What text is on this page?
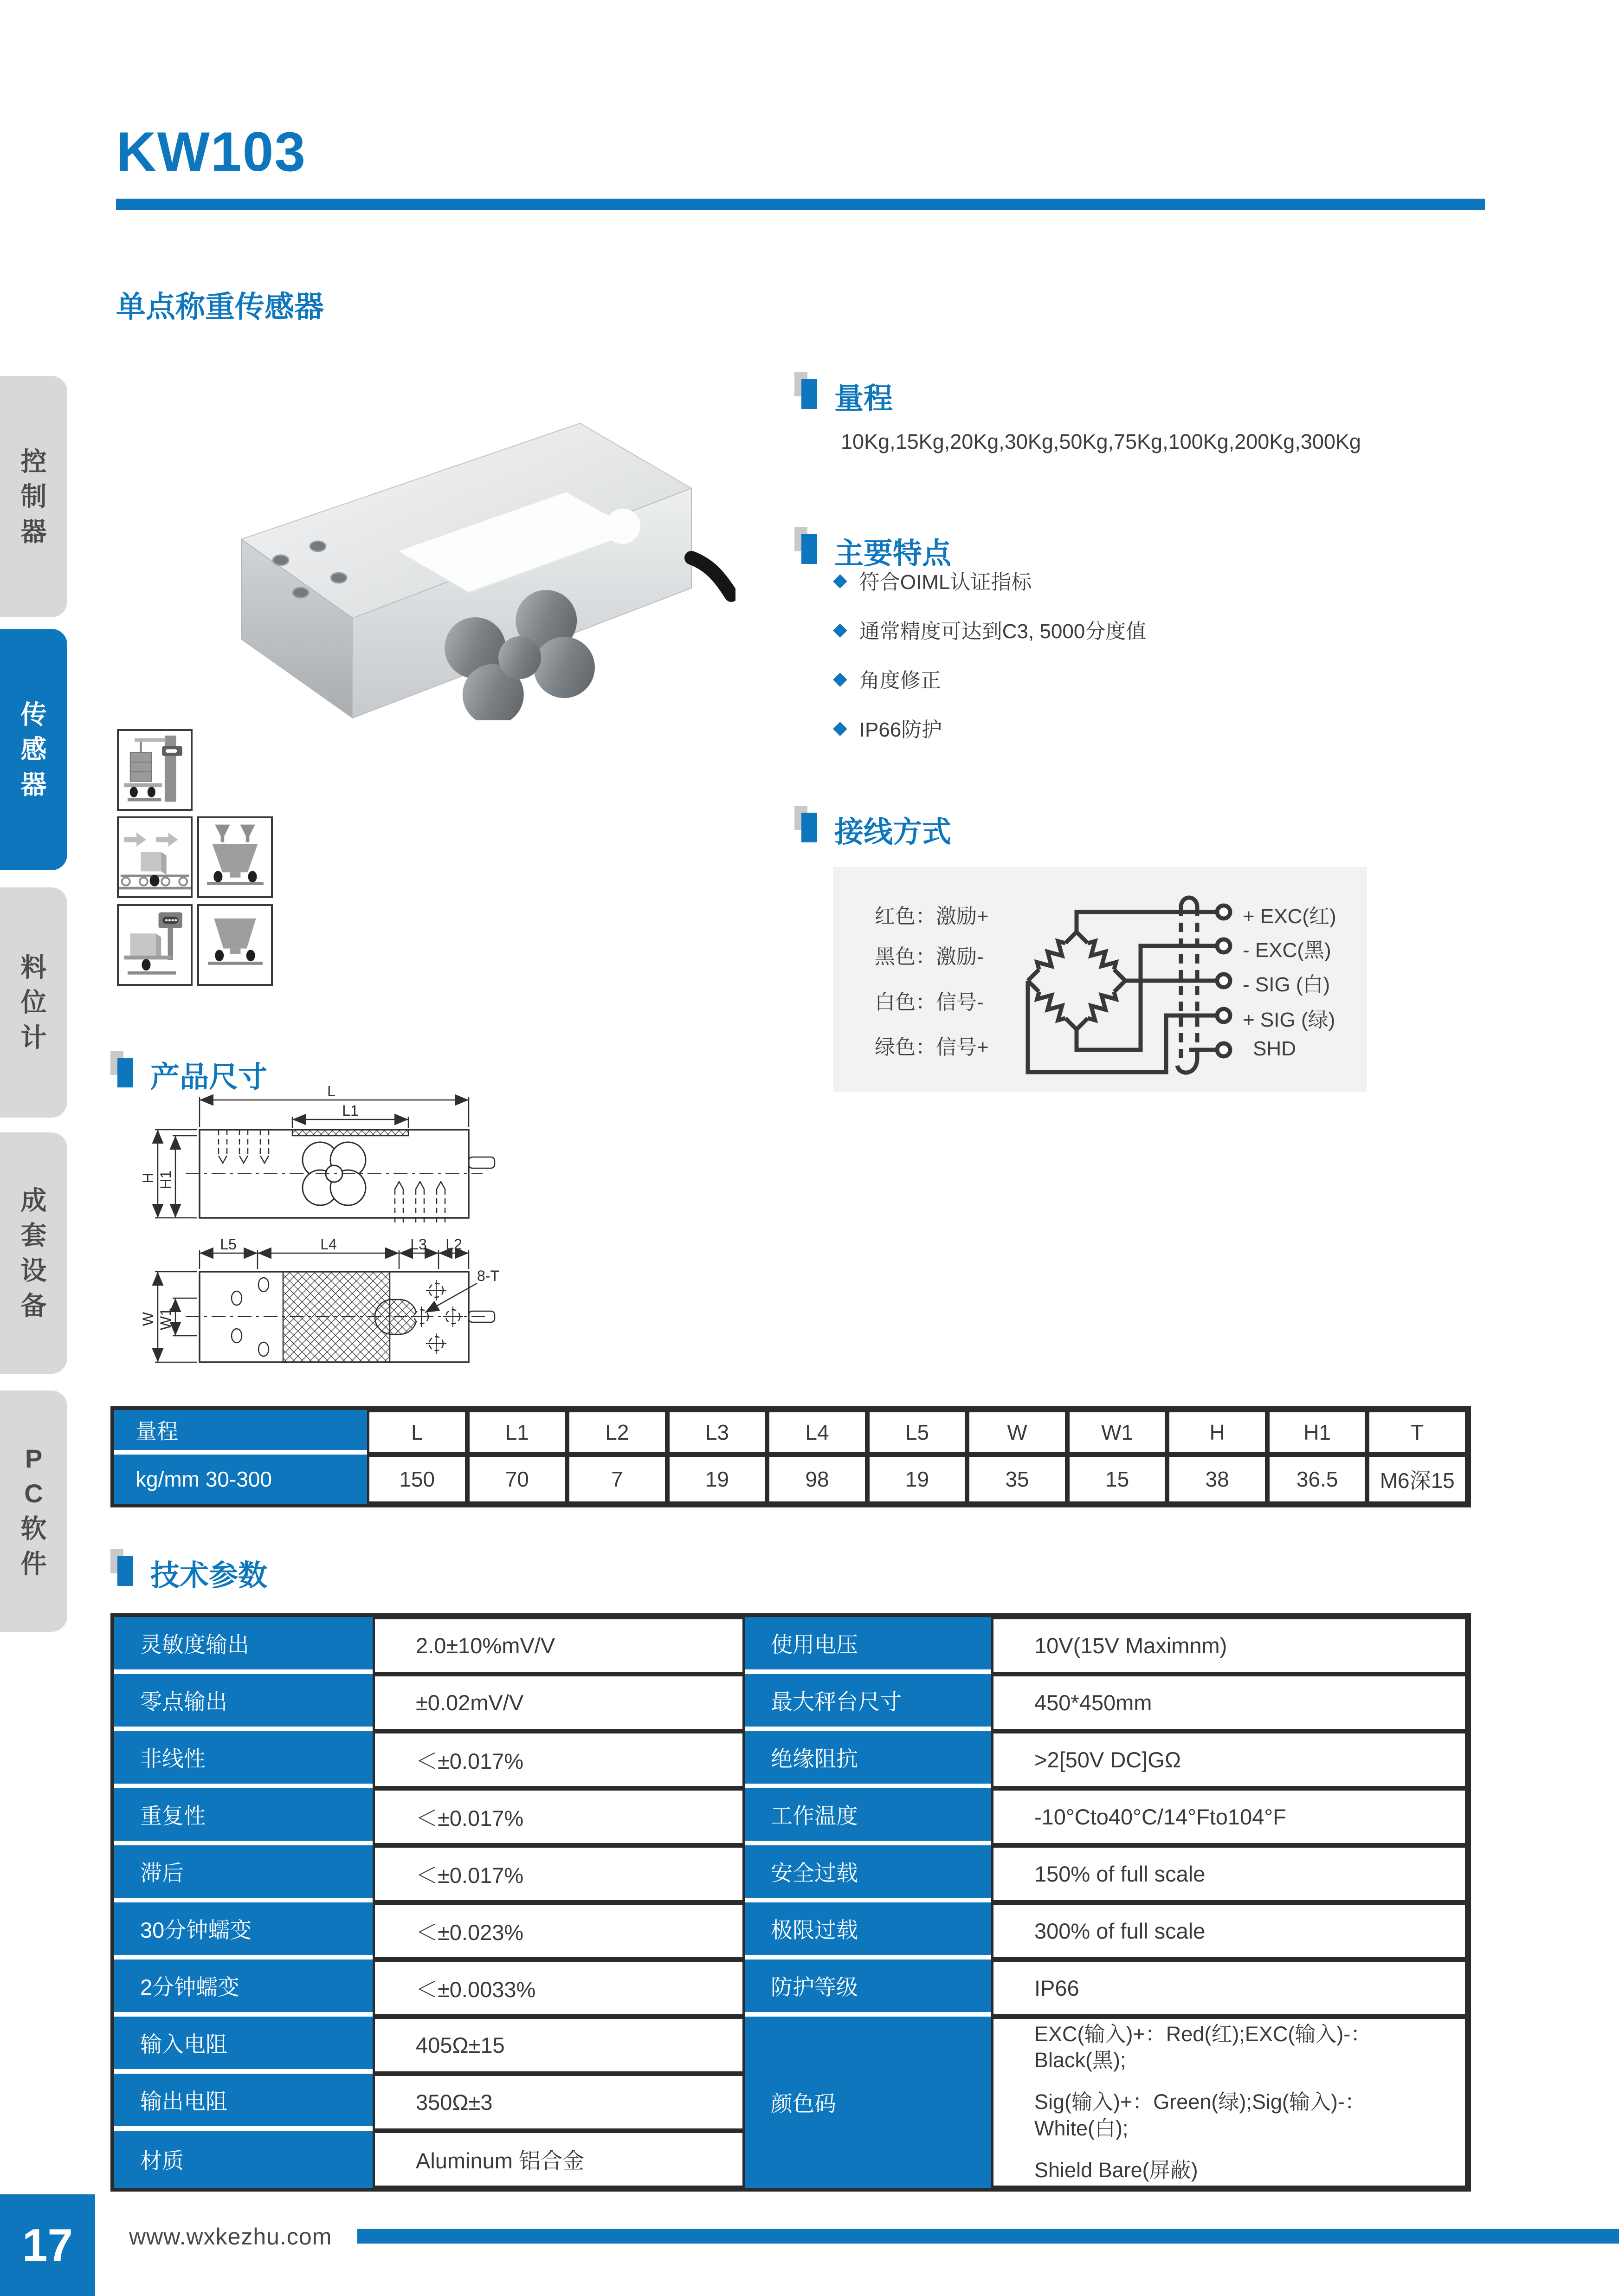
控制器
传感器
料位计
成套设备
PC软件
KW103
单点称重传感器
量程
10Kg,15Kg,20Kg,30Kg,50Kg,75Kg,100Kg,200Kg,300Kg
主要特点
◆ 符合OIML认证指标
◆ 通常精度可达到C3, 5000分度值
◆ 角度修正
◆ IP66防护
接线方式
红色：激励+
黑色：激励-
白色：信号-
绿色：信号+
+ EXC(红)
- EXC(黑)
- SIG (白)
+ SIG (绿)
SHD
产品尺寸	L
L1
H H1
L5	L4	L3 L2
W W1
8-T
量程	L	L1	L2	L3	L4	L5	W	W1	H	H1	T
kg/mm 30-300	150	70	7	19	98	19	35	15	38	36.5	M6深15
技术参数
灵敏度输出	2.0±10%mV/V	使用电压	10V(15V Maximnm)
零点输出	±0.02mV/V	最大秤台尺寸	450*450mm
非线性	＜±0.017%	绝缘阻抗	>2[50V DC]GΩ
重复性	＜±0.017%	工作温度	-10°Cto40°C/14°Fto104°F
滞后	＜±0.017%	安全过载	150% of full scale
30分钟蠕变	＜±0.023%	极限过载	300% of full scale
2分钟蠕变	＜±0.0033%	防护等级	IP66
输入电阻	405Ω±15
颜色码
EXC(输入)+：Red(红);EXC(输入)-：Black(黑);
Sig(输入)+：Green(绿);Sig(输入)-：White(白);
Shield Bare(屏蔽)
输出电阻	350Ω±3
材质	Aluminum 铝合金
17	www.wxkezhu.com
